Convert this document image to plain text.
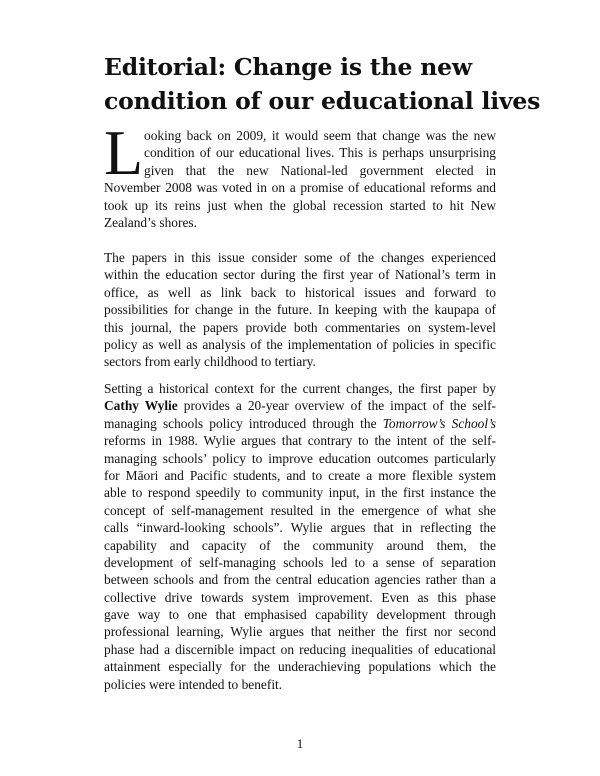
Editorial: Change is the new
condition of our educational lives
L ooking back on 2009, it would seem that change was the new
condition of our educational lives. This is perhaps unsurprising
given that the new National-led government elected in
November 2008 was voted in on a promise of educational reforms and
took up its reins just when the global recession started to hit New
Zealand’s shores.
The papers in this issue consider some of the changes experienced
within the education sector during the first year of National’s term in
office, as well as link back to historical issues and forward to
possibilities for change in the future. In keeping with the kaupapa of
this journal, the papers provide both commentaries on system-level
policy as well as analysis of the implementation of policies in specific
sectors from early childhood to tertiary.
Setting a historical context for the current changes, the first paper by
Cathy Wylie provides a 20-year overview of the impact of the self-
managing schools policy introduced through the Tomorrow’s School’s
reforms in 1988. Wylie argues that contrary to the intent of the self-
managing schools’ policy to improve education outcomes particularly
for Māori and Pacific students, and to create a more flexible system
able to respond speedily to community input, in the first instance the
concept of self-management resulted in the emergence of what she
calls “inward-looking schools”. Wylie argues that in reflecting the
capability and capacity of the community around them, the
development of self-managing schools led to a sense of separation
between schools and from the central education agencies rather than a
collective drive towards system improvement. Even as this phase
gave way to one that emphasised capability development through
professional learning, Wylie argues that neither the first nor second
phase had a discernible impact on reducing inequalities of educational
attainment especially for the underachieving populations which the
policies were intended to benefit.
1
